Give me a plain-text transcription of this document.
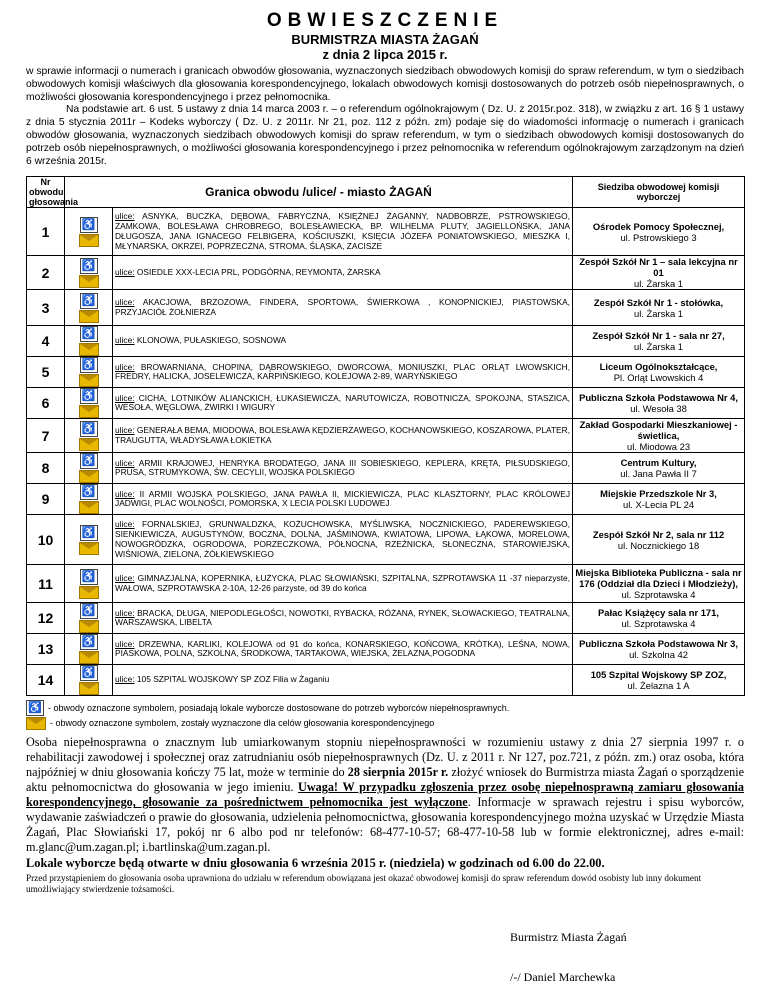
OBWIESZCZENIE

BURMISTRZA MIASTA ŻAGAŃ

z dnia 2 lipca 2015 r.

w sprawie informacji o numerach i granicach obwodów głosowania, wyznaczonych siedzibach obwodowych komisji do spraw referendum, w tym o siedzibach obwodowych komisji właściwych dla głosowania korespondencyjnego, lokalach obwodowych komisji dostosowanych do potrzeb osób niepełnosprawnych, o możliwości głosowania korespondencyjnego i przez pełnomocnika.

Na podstawie art. 6 ust. 5 ustawy z dnia 14 marca 2003 r. – o referendum ogólnokrajowym ( Dz. U. z 2015r.poz. 318), w związku z art. 16 § 1 ustawy z dnia 5 stycznia 2011r – Kodeks wyborczy ( Dz. U. z 2011r. Nr 21, poz. 112 z późn. zm) podaje się do wiadomości informację o numerach i granicach obwodów głosowania, wyznaczonych siedzibach obwodowych komisji do spraw referendum, w tym o siedzibach obwodowych komisji dostosowanych do potrzeb osób niepełnosprawnych, o możliwości głosowania korespondencyjnego i przez pełnomocnika w referendum ogólnokrajowym zarządzonym na dzień 6 września 2015r.

Nr obwodu głosowania	Granica obwodu /ulice/ - miasto ŻAGAŃ		Siedziba obwodowej komisji wyborczej
1	♿	ulice: ASNYKA, BUCZKA, DĘBOWA, FABRYCZNA, KSIĘŻNEJ ŻAGANNY, NADBOBRZE, PSTROWSKIEGO, ZAMKOWA, BOLESŁAWA CHROBREGO, BOLESŁAWIECKA, BP. WILHELMA PLUTY, JAGIELLOŃSKA, JANA DŁUGOSZA, JANA IGNACEGO FELBIGERA, KOŚCIUSZKI, KSIĘCIA JÓZEFA PONIATOWSKIEGO, MIESZKA I, MŁYNARSKA, OKRZEI, POPRZECZNA, STROMA, ŚLĄSKA, ZACISZE	Ośrodek Pomocy Społecznej,
ul. Pstrowskiego 3
2	♿	ulice: OSIEDLE XXX-LECIA PRL, PODGÓRNA, REYMONTA, ŻARSKA	Zespół Szkół Nr 1 – sala lekcyjna nr 01
ul. Żarska 1
3	♿	ulice: AKACJOWA, BRZOZOWA, FINDERA, SPORTOWA, ŚWIERKOWA , KONOPNICKIEJ, PIASTOWSKA, PRZYJACIÓŁ ŻOŁNIERZA	Zespół Szkół Nr 1 - stołówka,
ul. Żarska 1
4	♿	ulice: KLONOWA, PUŁASKIEGO, SOSNOWA	Zespół Szkół Nr 1 - sala nr 27,
ul. Żarska 1
5	♿	ulice: BROWARNIANA, CHOPINA, DĄBROWSKIEGO, DWORCOWA, MONIUSZKI, PLAC ORLĄT LWOWSKICH, FREDRY, HALICKA, JOSELEWICZA, KARPIŃSKIEGO, KOLEJOWA 2-89, WARYŃSKIEGO	Liceum Ogólnokształcące,
Pl. Orląt Lwowskich 4
6	♿	ulice: CICHA, LOTNIKÓW ALIANCKICH, ŁUKASIEWICZA, NARUTOWICZA, ROBOTNICZA, SPOKOJNA, STASZICA, WESOŁA, WĘGLOWA, ŻWIRKI I WIGURY	Publiczna Szkoła Podstawowa Nr 4,
ul. Wesoła 38
7	♿	ulice: GENERAŁA BEMA, MIODOWA, BOLESŁAWA KĘDZIERZAWEGO, KOCHANOWSKIEGO, KOSZAROWA, PLATER, TRAUGUTTA, WŁADYSŁAWA ŁOKIETKA	Zakład Gospodarki Mieszkaniowej - świetlica,
ul. Miodowa 23
8	♿	ulice: ARMII KRAJOWEJ, HENRYKA BRODATEGO, JANA III SOBIESKIEGO, KEPLERA, KRĘTA, PIŁSUDSKIEGO, PRUSA, STRUMYKOWA, ŚW. CECYLII, WOJSKA POLSKIEGO	Centrum Kultury,
ul. Jana Pawła II 7
9	♿	ulice: II ARMII WOJSKA POLSKIEGO, JANA PAWŁA II, MICKIEWICZA, PLAC KLASZTORNY, PLAC KRÓLOWEJ JADWIGI, PLAC WOLNOŚCI, POMORSKA, X LECIA POLSKI LUDOWEJ	Miejskie Przedszkole Nr 3,
ul. X-Lecia PL 24
10	♿	ulice: FORNALSKIEJ, GRUNWALDZKA, KOŻUCHOWSKA, MYŚLIWSKA, NOCZNICKIEGO, PADEREWSKIEGO, SIENKIEWICZA, AUGUSTYNÓW, BOCZNA, DOLNA, JAŚMINOWA, KWIATOWA, LIPOWA, ŁĄKOWA, MORELOWA, NOWOGRÓDZKA, OGRODOWA, PORZECZKOWA, PÓŁNOCNA, RZEŹNICKA, SŁONECZNA, STAROWIEJSKA, WIŚNIOWA, ZIELONA, ŻÓŁKIEWSKIEGO	Zespół Szkół Nr 2, sala nr 112
ul. Nocznickiego 18
11	♿	ulice: GIMNAZJALNA, KOPERNIKA, ŁUŻYCKA, PLAC SŁOWIAŃSKI, SZPITALNA, SZPROTAWSKA 11 -37 nieparzyste, WAŁOWA, SZPROTAWSKA 2-10A, 12-26 parzyste, od 39 do końca	Miejska Biblioteka Publiczna - sala nr 176 (Oddział dla Dzieci i Młodzieży),
ul. Szprotawska 4
12	♿	ulice: BRACKA, DŁUGA, NIEPODLEGŁOŚCI, NOWOTKI, RYBACKA, RÓŻANA, RYNEK, SŁOWACKIEGO, TEATRALNA, WARSZAWSKA, LIBELTA	Pałac Książęcy sala nr 171,
ul. Szprotawska 4
13	♿	ulice: DRZEWNA, KARLIKI, KOLEJOWA od 91 do końca, KONARSKIEGO, KOŃCOWA, KRÓTKA), LEŚNA, NOWA, PIASKOWA, POLNA, SZKOLNA, ŚRODKOWA, TARTAKOWA, WIEJSKA, ŻELAZNA,POGODNA	Publiczna Szkoła Podstawowa Nr 3,
ul. Szkolna 42
14	♿	ulice: 105 SZPITAL WOJSKOWY SP ZOZ Filia w Żaganiu	105 Szpital Wojskowy SP ZOZ,
ul. Żelazna 1 A
♿ - obwody oznaczone symbolem, posiadają lokale wyborcze dostosowane do potrzeb wyborców niepełnosprawnych.
- obwody oznaczone symbolem, zostały wyznaczone dla celów głosowania korespondencyjnego

Osoba niepełnosprawna o znacznym lub umiarkowanym stopniu niepełnosprawności w rozumieniu ustawy z dnia 27 sierpnia 1997 r. o rehabilitacji zawodowej i społecznej oraz zatrudnianiu osób niepełnosprawnych (Dz. U. z 2011 r. Nr 127, poz.721, z późn. zm.) oraz osoba, która najpóźniej w dniu głosowania kończy 75 lat, może w terminie do 28 sierpnia 2015r r. złożyć wniosek do Burmistrza miasta Żagań o sporządzenie aktu pełnomocnictwa do głosowania w jego imieniu. Uwaga! W przypadku zgłoszenia przez osobę niepełnosprawną zamiaru głosowania korespondencyjnego, głosowanie za pośrednictwem pełnomocnika jest wyłączone. Informacje w sprawach rejestru i spisu wyborców, wydawanie zaświadczeń o prawie do głosowania, udzielenia pełnomocnictwa, głosowania korespondencyjnego można uzyskać w Urzędzie Miasta Żagań, Plac Słowiański 17, pokój nr 6 albo pod nr telefonów: 68-477-10-57; 68-477-10-58 lub w formie elektronicznej, adres e-mail: m.glanc@um.zagan.pl; i.bartlinska@um.zagan.pl.

Lokale wyborcze będą otwarte w dniu głosowania 6 września 2015 r. (niedziela) w godzinach od 6.00 do 22.00.

Przed przystąpieniem do głosowania osoba uprawniona do udziału w referendum obowiązana jest okazać obwodowej komisji do spraw referendum dowód osobisty lub inny dokument umożliwiający stwierdzenie tożsamości.

Burmistrz Miasta Żagań
/-/ Daniel Marchewka
